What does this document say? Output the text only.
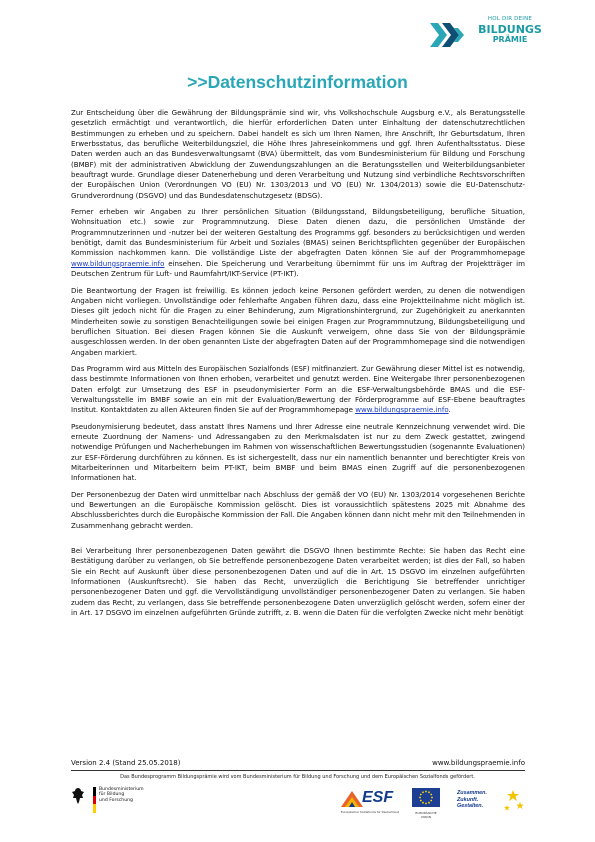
HOL DIR DEINE
BILDUNGS
PRÄMIE
>>Datenschutzinformation

Zur Entscheidung über die Gewährung der Bildungsprämie sind wir, vhs Volkshochschule Augsburg e.V., als Beratungsstelle gesetzlich ermächtigt und verantwortlich, die hierfür erforderlichen Daten unter Einhaltung der datenschutzrechtlichen Bestimmungen zu erheben und zu speichern. Dabei handelt es sich um Ihren Namen, Ihre Anschrift, Ihr Geburtsdatum, Ihren Erwerbsstatus, das berufliche Weiterbildungsziel, die Höhe Ihres Jahreseinkommens und ggf. Ihren Aufenthaltsstatus. Diese Daten werden auch an das Bundesverwaltungsamt (BVA) übermittelt, das vom Bundesministerium für Bildung und Forschung (BMBF) mit der administrativen Abwicklung der Zuwendungszahlungen an die Beratungsstellen und Weiterbildungsanbieter beauftragt wurde. Grundlage dieser Datenerhebung und deren Verarbeitung und Nutzung sind verbindliche Rechtsvorschriften der Europäischen Union (Verordnungen VO (EU) Nr. 1303/2013 und VO (EU) Nr. 1304/2013) sowie die EU-Datenschutz-Grundverordnung (DSGVO) und das Bundesdatenschutzgesetz (BDSG).

Ferner erheben wir Angaben zu Ihrer persönlichen Situation (Bildungsstand, Bildungsbeteiligung, berufliche Situation, Wohnsituation etc.) sowie zur Programmnutzung. Diese Daten dienen dazu, die persönlichen Umstände der Programmnutzerinnen und -nutzer bei der weiteren Gestaltung des Programms ggf. besonders zu berücksichtigen und werden benötigt, damit das Bundesministerium für Arbeit und Soziales (BMAS) seinen Berichtspflichten gegenüber der Europäischen Kommission nachkommen kann. Die vollständige Liste der abgefragten Daten können Sie auf der Programmhomepage www.bildungspraemie.info einsehen. Die Speicherung und Verarbeitung übernimmt für uns im Auftrag der Projektträger im Deutschen Zentrum für Luft- und Raumfahrt/IKT-Service (PT-IKT).

Die Beantwortung der Fragen ist freiwillig. Es können jedoch keine Personen gefördert werden, zu denen die notwendigen Angaben nicht vorliegen. Unvollständige oder fehlerhafte Angaben führen dazu, dass eine Projektteilnahme nicht möglich ist. Dieses gilt jedoch nicht für die Fragen zu einer Behinderung, zum Migrationshintergrund, zur Zugehörigkeit zu anerkannten Minderheiten sowie zu sonstigen Benachteiligungen sowie bei einigen Fragen zur Programmnutzung, Bildungsbeteiligung und beruflichen Situation. Bei diesen Fragen können Sie die Auskunft verweigern, ohne dass Sie von der Bildungsprämie ausgeschlossen werden. In der oben genannten Liste der abgefragten Daten auf der Programmhomepage sind die notwendigen Angaben markiert.

Das Programm wird aus Mitteln des Europäischen Sozialfonds (ESF) mitfinanziert. Zur Gewährung dieser Mittel ist es notwendig, dass bestimmte Informationen von Ihnen erhoben, verarbeitet und genutzt werden. Eine Weitergabe Ihrer personenbezogenen Daten erfolgt zur Umsetzung des ESF in pseudonymisierter Form an die ESF-Verwaltungsbehörde BMAS und die ESF-Verwaltungsstelle im BMBF sowie an ein mit der Evaluation/Bewertung der Förderprogramme auf ESF-Ebene beauftragtes Institut. Kontaktdaten zu allen Akteuren finden Sie auf der Programmhomepage www.bildungspraemie.info.

Pseudonymisierung bedeutet, dass anstatt Ihres Namens und Ihrer Adresse eine neutrale Kennzeichnung verwendet wird. Die erneute Zuordnung der Namens- und Adressangaben zu den Merkmalsdaten ist nur zu dem Zweck gestattet, zwingend notwendige Prüfungen und Nacherhebungen im Rahmen von wissenschaftlichen Bewertungsstudien (sogenannte Evaluationen) zur ESF-Förderung durchführen zu können. Es ist sichergestellt, dass nur ein namentlich benannter und berechtigter Kreis von Mitarbeiterinnen und Mitarbeitern beim PT-IKT, beim BMBF und beim BMAS einen Zugriff auf die personenbezogenen Informationen hat.

Der Personenbezug der Daten wird unmittelbar nach Abschluss der gemäß der VO (EU) Nr. 1303/2014 vorgesehenen Berichte und Bewertungen an die Europäische Kommission gelöscht. Dies ist voraussichtlich spätestens 2025 mit Abnahme des Abschlussberichtes durch die Europäische Kommission der Fall. Die Angaben können dann nicht mehr mit den Teilnehmenden in Zusammenhang gebracht werden.

Bei Verarbeitung Ihrer personenbezogenen Daten gewährt die DSGVO Ihnen bestimmte Rechte: Sie haben das Recht eine Bestätigung darüber zu verlangen, ob Sie betreffende personenbezogene Daten verarbeitet werden; ist dies der Fall, so haben Sie ein Recht auf Auskunft über diese personenbezogenen Daten und auf die in Art. 15 DSGVO im einzelnen aufgeführten Informationen (Auskunftsrecht). Sie haben das Recht, unverzüglich die Berichtigung Sie betreffender unrichtiger personenbezogener Daten und ggf. die Vervollständigung unvollständiger personenbezogener Daten zu verlangen. Sie haben zudem das Recht, zu verlangen, dass Sie betreffende personenbezogene Daten unverzüglich gelöscht werden, sofern einer der in Art. 17 DSGVO im einzelnen aufgeführten Gründe zutrifft, z. B. wenn die Daten für die verfolgten Zwecke nicht mehr benötigt

Version 2.4 (Stand 25.05.2018)	www.bildungspraemie.info
Das Bundesprogramm Bildungsprämie wird vom Bundesministerium für Bildung und Forschung und dem Europäischen Sozialfonds gefördert.
Bundesministerium
für Bildung
und Forschung	ESF
Europäischer Sozialfonds für Deutschland	EUROPÄISCHE UNION
Zusammen.
Zukunft.
Gestalten.
